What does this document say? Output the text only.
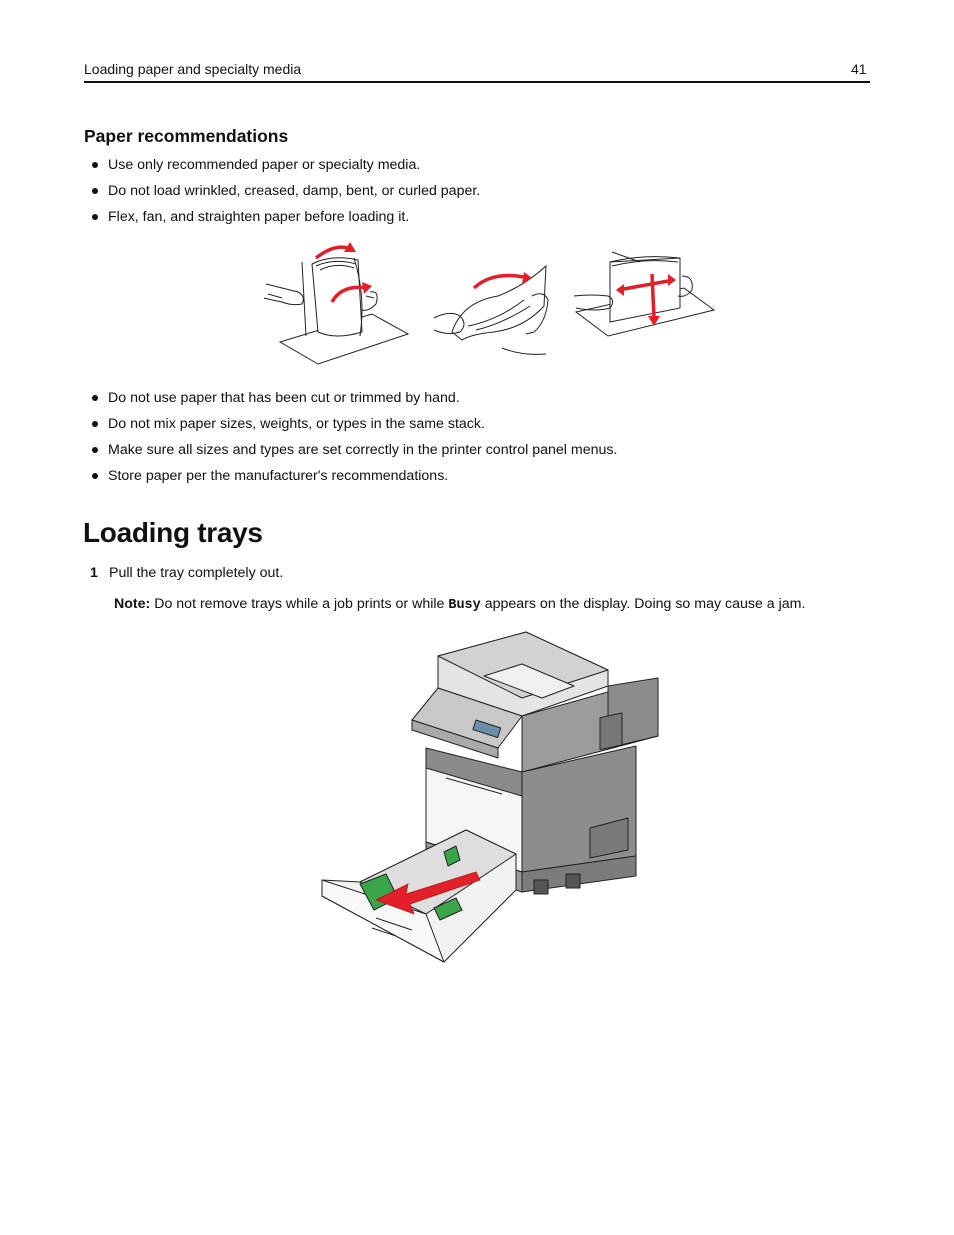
Loading paper and specialty media	41
Paper recommendations
Use only recommended paper or specialty media.
Do not load wrinkled, creased, damp, bent, or curled paper.
Flex, fan, and straighten paper before loading it.
Do not use paper that has been cut or trimmed by hand.
Do not mix paper sizes, weights, or types in the same stack.
Make sure all sizes and types are set correctly in the printer control panel menus.
Store paper per the manufacturer's recommendations.
Loading trays
1 Pull the tray completely out.
Note: Do not remove trays while a job prints or while Busy appears on the display. Doing so may cause a jam.
